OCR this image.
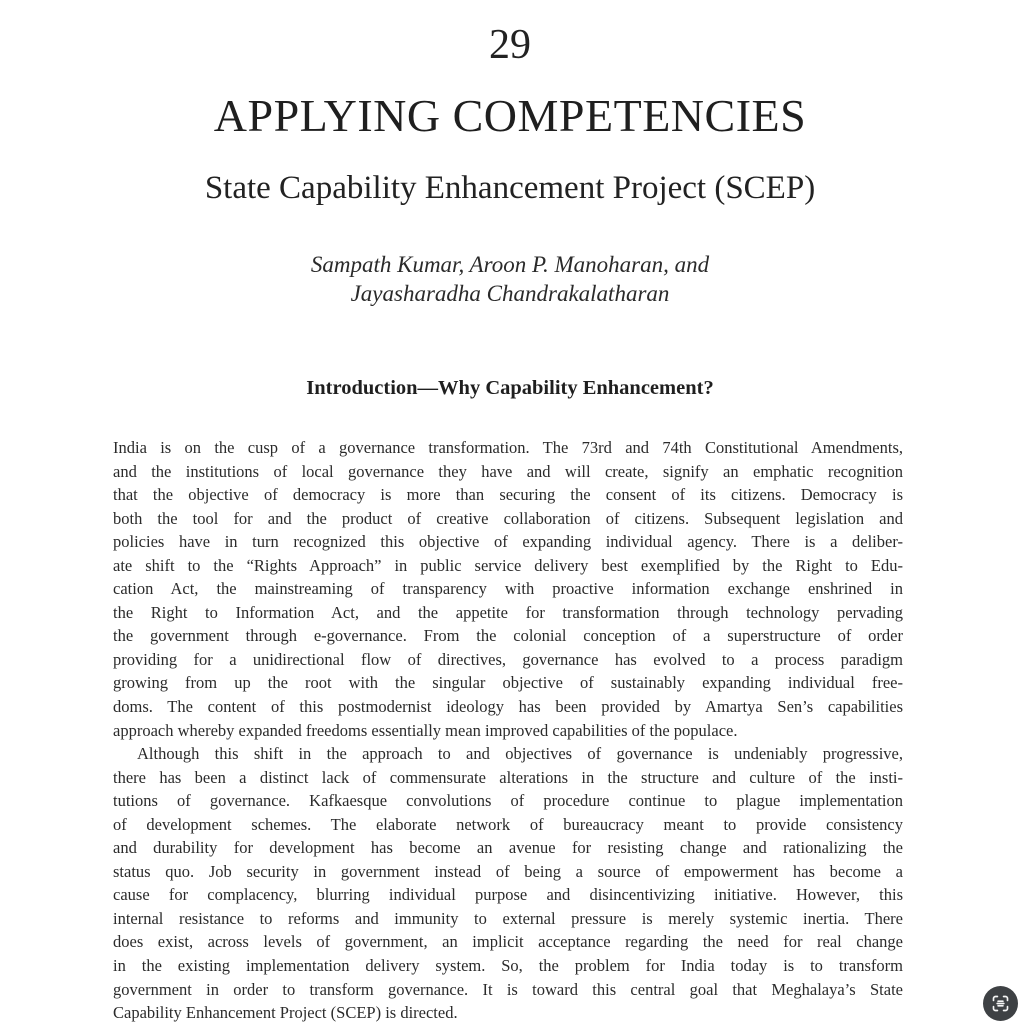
29
APPLYING COMPETENCIES
State Capability Enhancement Project (SCEP)
Sampath Kumar, Aroon P. Manoharan, and
Jayasharadha Chandrakalatharan
Introduction—Why Capability Enhancement?
India is on the cusp of a governance transformation. The 73rd and 74th Constitutional Amendments,
and the institutions of local governance they have and will create, signify an emphatic recognition
that the objective of democracy is more than securing the consent of its citizens. Democracy is
both the tool for and the product of creative collaboration of citizens. Subsequent legislation and
policies have in turn recognized this objective of expanding individual agency. There is a deliber-
ate shift to the “Rights Approach” in public service delivery best exemplified by the Right to Edu-
cation Act, the mainstreaming of transparency with proactive information exchange enshrined in
the Right to Information Act, and the appetite for transformation through technology pervading
the government through e-governance. From the colonial conception of a superstructure of order
providing for a unidirectional flow of directives, governance has evolved to a process paradigm
growing from up the root with the singular objective of sustainably expanding individual free-
doms. The content of this postmodernist ideology has been provided by Amartya Sen’s capabilities
approach whereby expanded freedoms essentially mean improved capabilities of the populace.
Although this shift in the approach to and objectives of governance is undeniably progressive,
there has been a distinct lack of commensurate alterations in the structure and culture of the insti-
tutions of governance. Kafkaesque convolutions of procedure continue to plague implementation
of development schemes. The elaborate network of bureaucracy meant to provide consistency
and durability for development has become an avenue for resisting change and rationalizing the
status quo. Job security in government instead of being a source of empowerment has become a
cause for complacency, blurring individual purpose and disincentivizing initiative. However, this
internal resistance to reforms and immunity to external pressure is merely systemic inertia. There
does exist, across levels of government, an implicit acceptance regarding the need for real change
in the existing implementation delivery system. So, the problem for India today is to transform
government in order to transform governance. It is toward this central goal that Meghalaya’s State
Capability Enhancement Project (SCEP) is directed.
